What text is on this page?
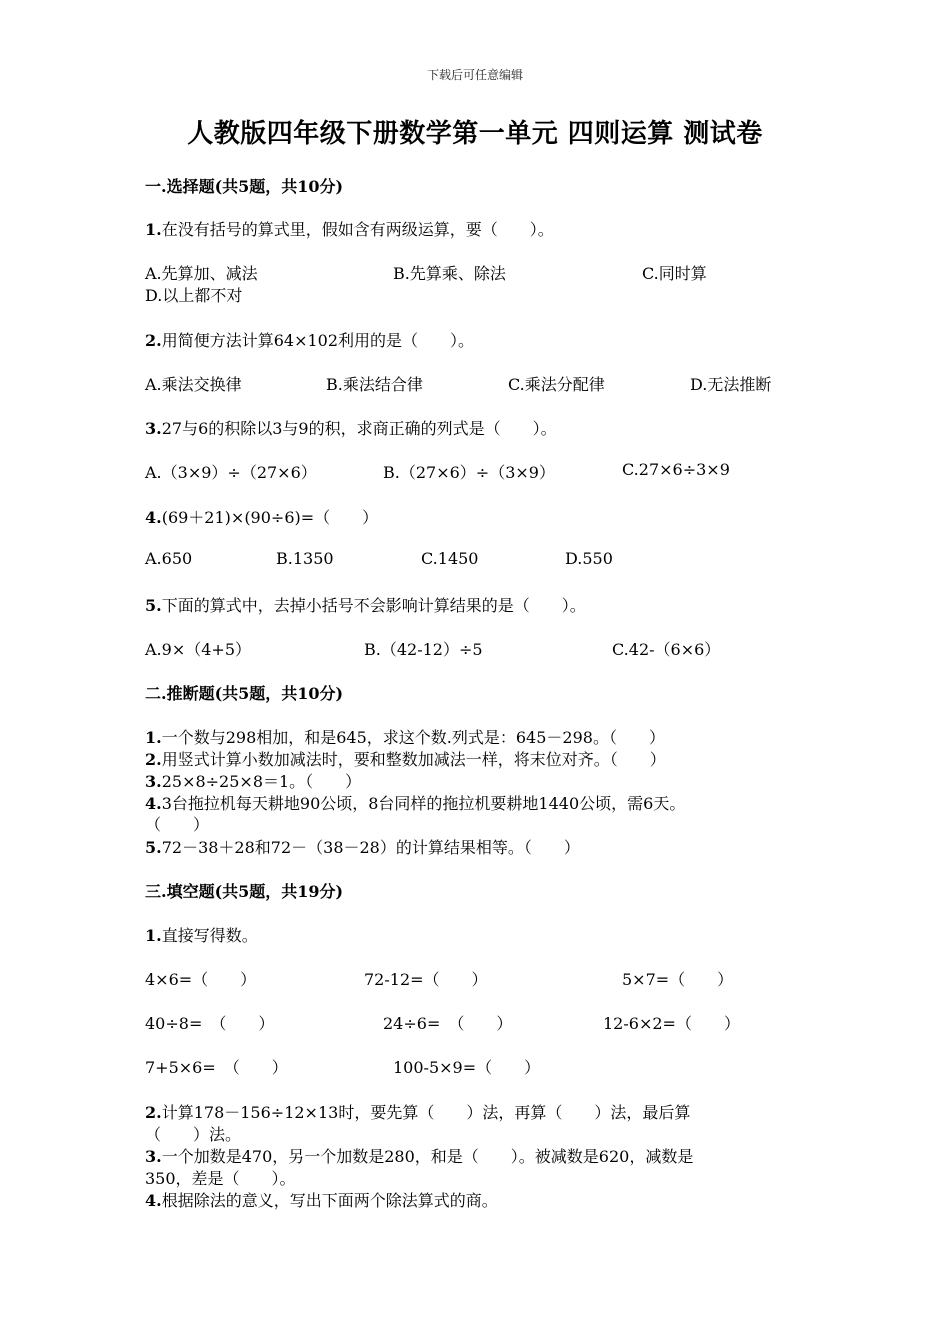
下载后可任意编辑
人教版四年级下册数学第一单元 四则运算 测试卷
一.选择题(共5题，共10分)
1.在没有括号的算式里，假如含有两级运算，要（　　）。
A.先算加、减法	B.先算乘、除法	C.同时算
D.以上都不对
2.用简便方法计算64×102利用的是（　　）。
A.乘法交换律	B.乘法结合律	C.乘法分配律	D.无法推断
3.27与6的积除以3与9的积，求商正确的列式是（　　）。
A.（3×9）÷（27×6）	B.（27×6）÷（3×9）	C.27×6÷3×9
4.(69＋21)×(90÷6)=（　　）
A.650	B.1350	C.1450	D.550
5.下面的算式中，去掉小括号不会影响计算结果的是（　　）。
A.9×（4+5）	B.（42-12）÷5	C.42-（6×6）
二.推断题(共5题，共10分)
1.一个数与298相加，和是645，求这个数.列式是：645－298。（　　）
2.用竖式计算小数加减法时，要和整数加减法一样，将末位对齐。（　　）
3.25×8÷25×8＝1。（　　）
4.3台拖拉机每天耕地90公顷，8台同样的拖拉机要耕地1440公顷，需6天。
（　　）
5.72－38＋28和72－（38－28）的计算结果相等。（　　）
三.填空题(共5题，共19分)
1.直接写得数。
4×6=（　　）	72-12=（　　）	5×7=（　　）
40÷8=　（　　）	24÷6=　（　　）	12-6×2=（　　）
7+5×6=　（　　）	100-5×9=（　　）
2.计算178－156÷12×13时，要先算（　　）法，再算（　　）法，最后算
（　　）法。
3.一个加数是470，另一个加数是280，和是（　　）。被减数是620，减数是
350，差是（　　）。
4.根据除法的意义，写出下面两个除法算式的商。
